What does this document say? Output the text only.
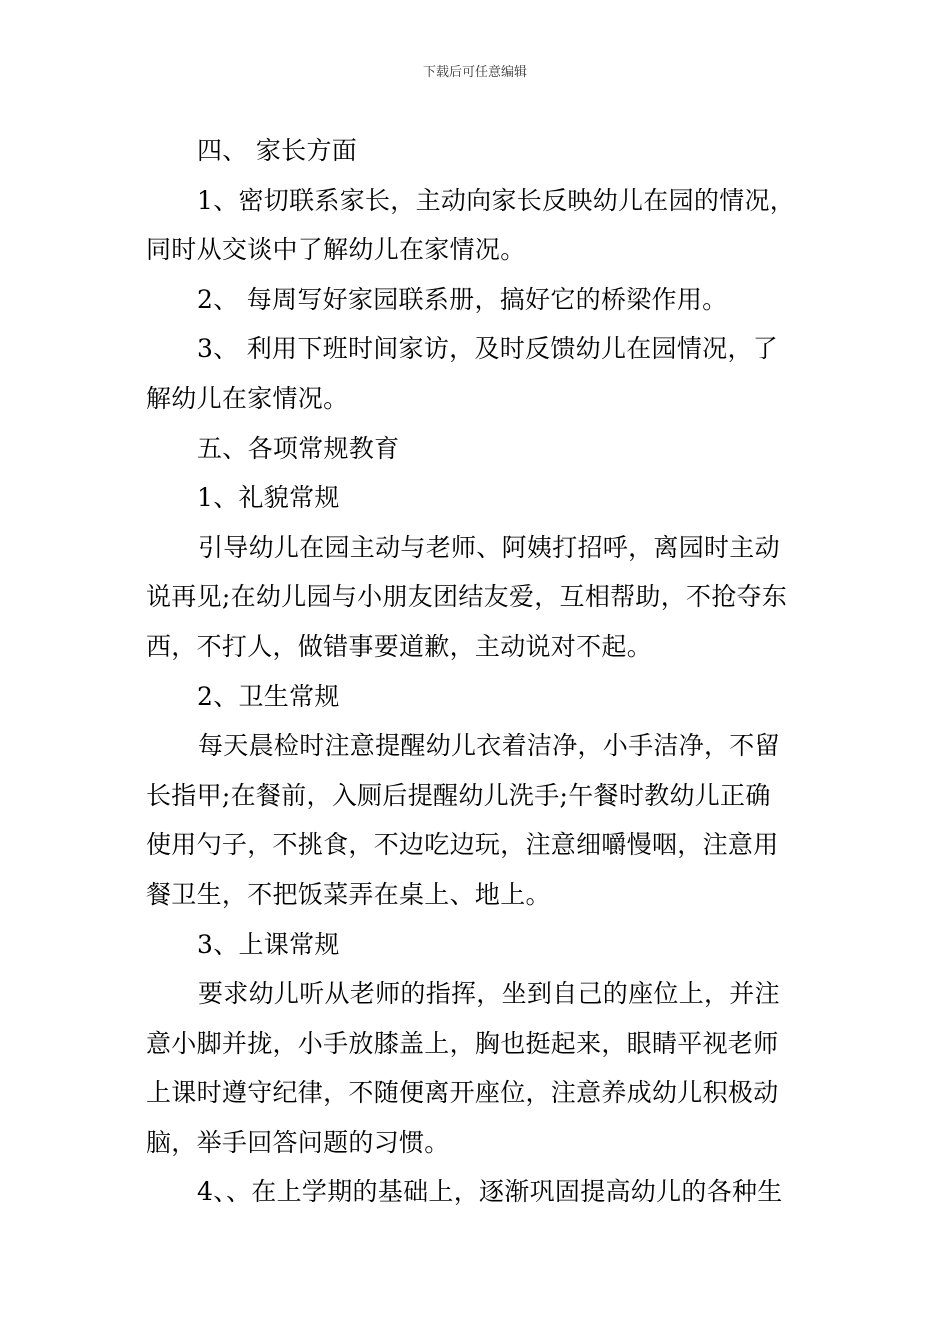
下载后可任意编辑

四、 家长方面

1、密切联系家长，主动向家长反映幼儿在园的情况，

同时从交谈中了解幼儿在家情况。

2、 每周写好家园联系册，搞好它的桥梁作用。

3、 利用下班时间家访，及时反馈幼儿在园情况，了

解幼儿在家情况。

五、各项常规教育

1、礼貌常规

引导幼儿在园主动与老师、阿姨打招呼，离园时主动

说再见;在幼儿园与小朋友团结友爱，互相帮助，不抢夺东

西，不打人，做错事要道歉，主动说对不起。

2、卫生常规

每天晨检时注意提醒幼儿衣着洁净，小手洁净，不留

长指甲;在餐前，入厕后提醒幼儿洗手;午餐时教幼儿正确

使用勺子，不挑食，不边吃边玩，注意细嚼慢咽，注意用

餐卫生，不把饭菜弄在桌上、地上。

3、上课常规

要求幼儿听从老师的指挥，坐到自己的座位上，并注

意小脚并拢，小手放膝盖上，胸也挺起来，眼睛平视老师

上课时遵守纪律，不随便离开座位，注意养成幼儿积极动

脑，举手回答问题的习惯。

4、、在上学期的基础上，逐渐巩固提高幼儿的各种生
